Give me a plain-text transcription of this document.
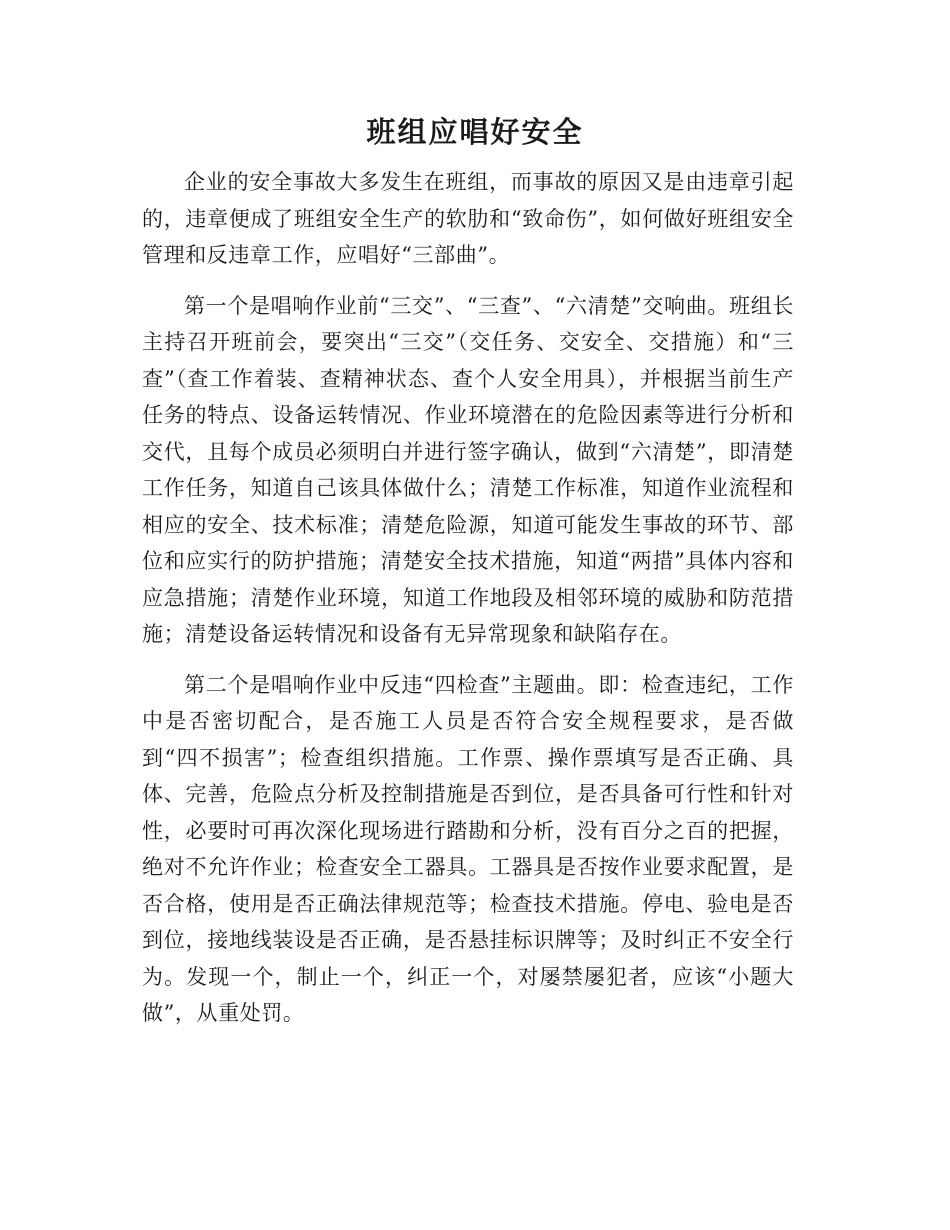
班组应唱好安全

企业的安全事故大多发生在班组，而事故的原因又是由违章引起的，违章便成了班组安全生产的软肋和“致命伤”，如何做好班组安全管理和反违章工作，应唱好“三部曲”。

第一个是唱响作业前“三交”、“三查”、“六清楚”交响曲。班组长主持召开班前会，要突出“三交”（交任务、交安全、交措施）和“三查”（查工作着装、查精神状态、查个人安全用具），并根据当前生产任务的特点、设备运转情况、作业环境潜在的危险因素等进行分析和交代，且每个成员必须明白并进行签字确认，做到“六清楚”，即清楚工作任务，知道自己该具体做什么；清楚工作标准，知道作业流程和相应的安全、技术标准；清楚危险源，知道可能发生事故的环节、部位和应实行的防护措施；清楚安全技术措施，知道“两措”具体内容和应急措施；清楚作业环境，知道工作地段及相邻环境的威胁和防范措施；清楚设备运转情况和设备有无异常现象和缺陷存在。

第二个是唱响作业中反违“四检查”主题曲。即：检查违纪，工作中是否密切配合，是否施工人员是否符合安全规程要求，是否做到“四不损害”；检查组织措施。工作票、操作票填写是否正确、具体、完善，危险点分析及控制措施是否到位，是否具备可行性和针对性，必要时可再次深化现场进行踏勘和分析，没有百分之百的把握，绝对不允许作业；检查安全工器具。工器具是否按作业要求配置，是否合格，使用是否正确法律规范等；检查技术措施。停电、验电是否到位，接地线装设是否正确，是否悬挂标识牌等；及时纠正不安全行为。发现一个，制止一个，纠正一个，对屡禁屡犯者，应该“小题大做”，从重处罚。
